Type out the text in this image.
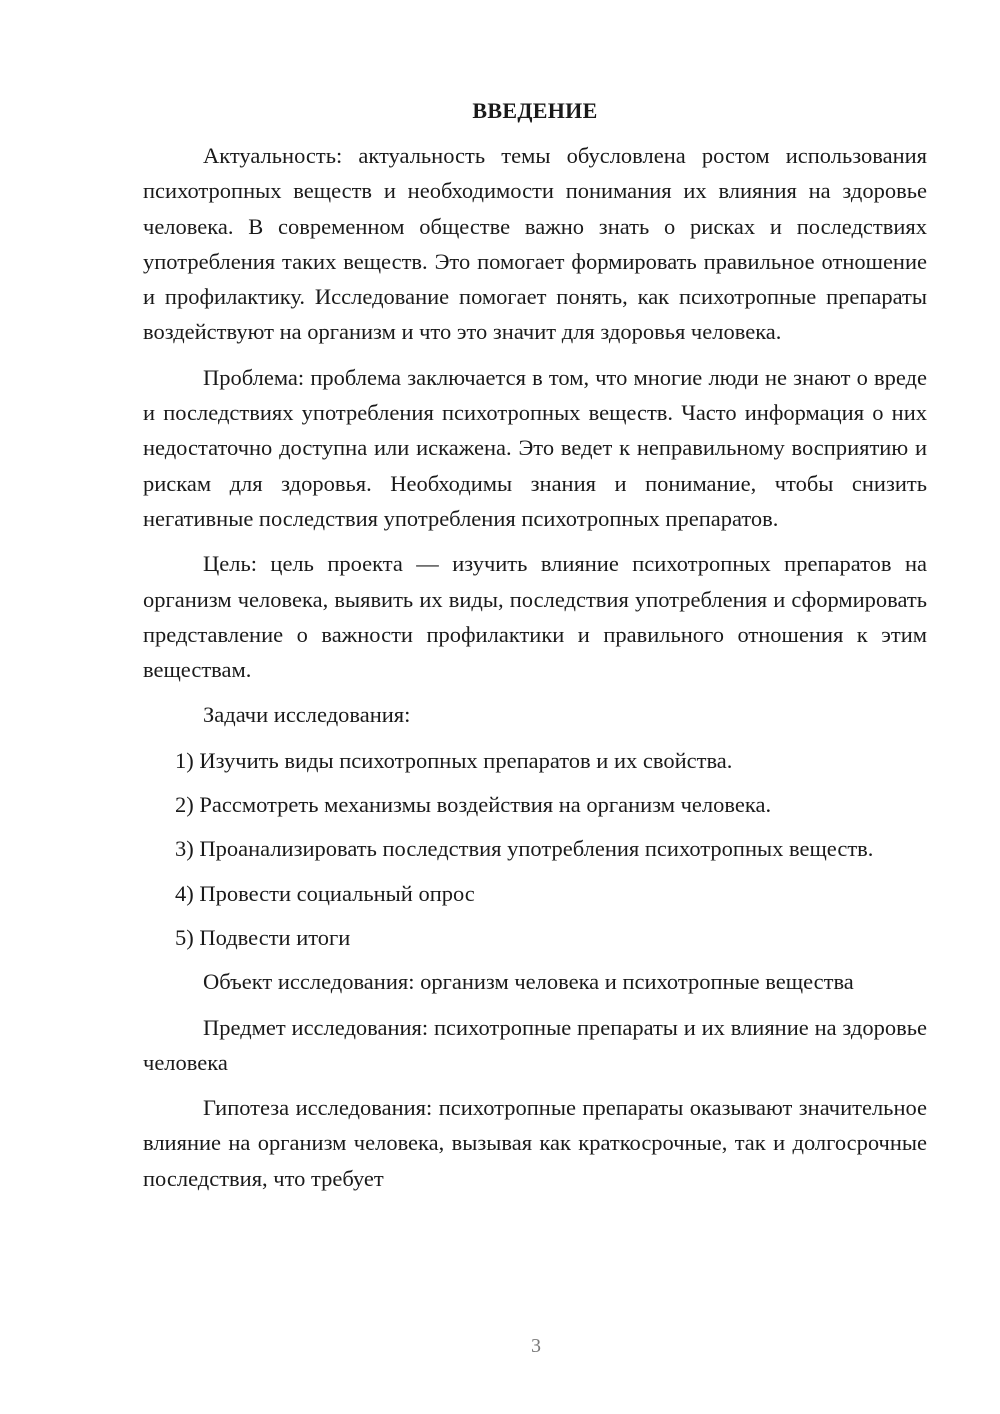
ВВЕДЕНИЕ

Актуальность: актуальность темы обусловлена ростом использования психотропных веществ и необходимости понимания их влияния на здоровье человека. В современном обществе важно знать о рисках и последствиях употребления таких веществ. Это помогает формировать правильное отношение и профилактику. Исследование помогает понять, как психотропные препараты воздействуют на организм и что это значит для здоровья человека.

Проблема: проблема заключается в том, что многие люди не знают о вреде и последствиях употребления психотропных веществ. Часто информация о них недостаточно доступна или искажена. Это ведет к неправильному восприятию и рискам для здоровья. Необходимы знания и понимание, чтобы снизить негативные последствия употребления психотропных препаратов.

Цель: цель проекта — изучить влияние психотропных препаратов на организм человека, выявить их виды, последствия употребления и сформировать представление о важности профилактики и правильного отношения к этим веществам.

Задачи исследования:

1) Изучить виды психотропных препаратов и их свойства.

2) Рассмотреть механизмы воздействия на организм человека.

3) Проанализировать последствия употребления психотропных веществ.

4) Провести социальный опрос

5) Подвести итоги

Объект исследования: организм человека и психотропные вещества

Предмет исследования: психотропные препараты и их влияние на здоровье человека

Гипотеза исследования: психотропные препараты оказывают значительное влияние на организм человека, вызывая как краткосрочные, так и долгосрочные последствия, что требует

3
